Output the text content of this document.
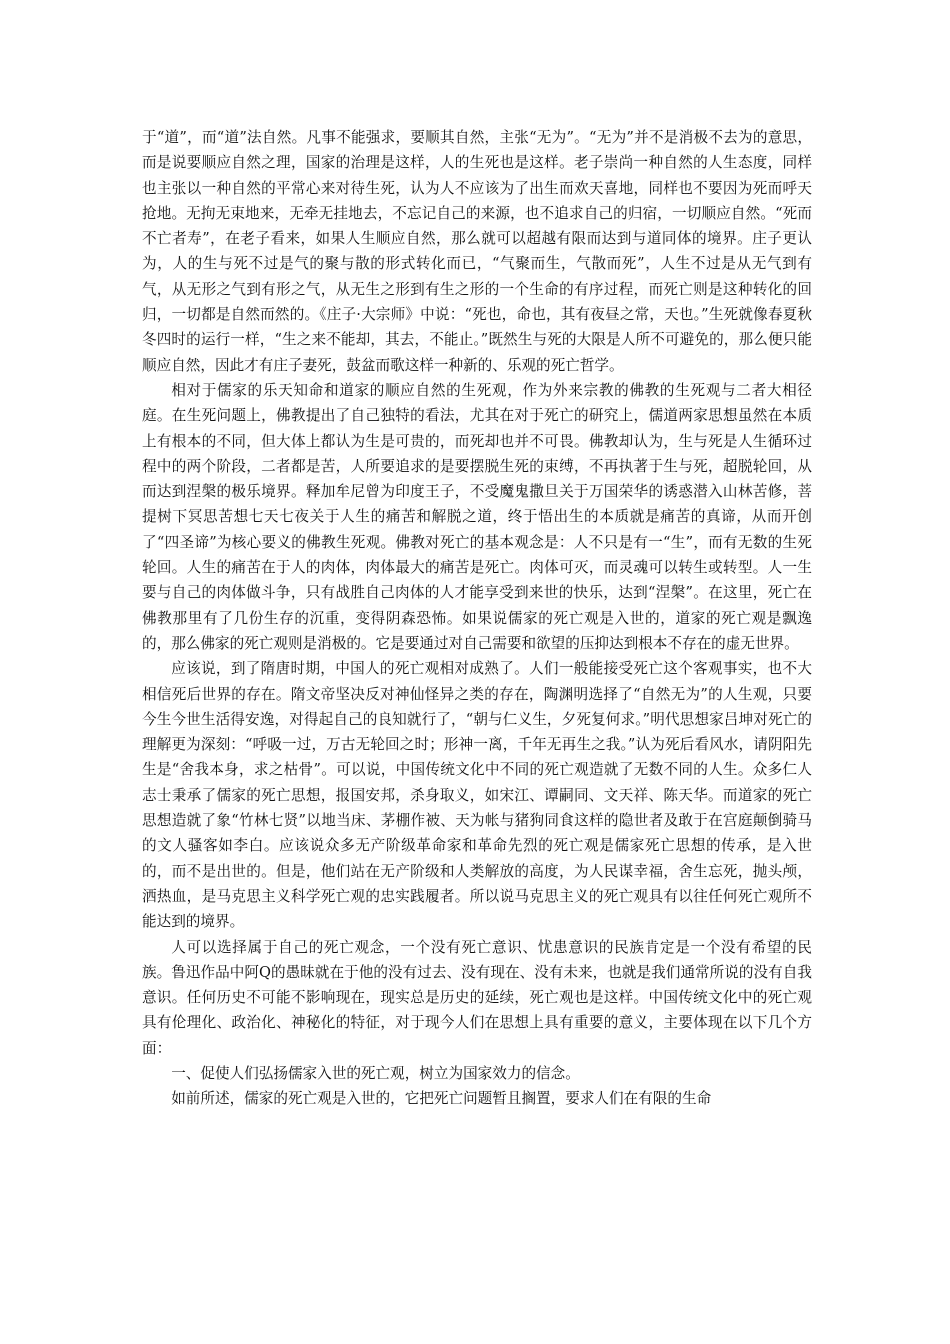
于“道”，而“道”法自然。凡事不能强求，要顺其自然，主张“无为”。“无为”并不是消极不去为的意思，而是说要顺应自然之理，国家的治理是这样，人的生死也是这样。老子崇尚一种自然的人生态度，同样也主张以一种自然的平常心来对待生死，认为人不应该为了出生而欢天喜地，同样也不要因为死而呼天抢地。无拘无束地来，无牵无挂地去，不忘记自己的来源，也不追求自己的归宿，一切顺应自然。“死而不亡者寿”，在老子看来，如果人生顺应自然，那么就可以超越有限而达到与道同体的境界。庄子更认为，人的生与死不过是气的聚与散的形式转化而已，“气聚而生，气散而死”，人生不过是从无气到有气，从无形之气到有形之气，从无生之形到有生之形的一个生命的有序过程，而死亡则是这种转化的回归，一切都是自然而然的。《庄子·大宗师》中说：“死也，命也，其有夜昼之常，天也。”生死就像春夏秋冬四时的运行一样，“生之来不能却，其去，不能止。”既然生与死的大限是人所不可避免的，那么便只能顺应自然，因此才有庄子妻死，鼓盆而歌这样一种新的、乐观的死亡哲学。

相对于儒家的乐天知命和道家的顺应自然的生死观，作为外来宗教的佛教的生死观与二者大相径庭。在生死问题上，佛教提出了自己独特的看法，尤其在对于死亡的研究上，儒道两家思想虽然在本质上有根本的不同，但大体上都认为生是可贵的，而死却也并不可畏。佛教却认为，生与死是人生循环过程中的两个阶段，二者都是苦，人所要追求的是要摆脱生死的束缚，不再执著于生与死，超脱轮回，从而达到涅槃的极乐境界。释加牟尼曾为印度王子，不受魔鬼撒旦关于万国荣华的诱惑潜入山林苦修，菩提树下冥思苦想七天七夜关于人生的痛苦和解脱之道，终于悟出生的本质就是痛苦的真谛，从而开创了“四圣谛”为核心要义的佛教生死观。佛教对死亡的基本观念是：人不只是有一“生”，而有无数的生死轮回。人生的痛苦在于人的肉体，肉体最大的痛苦是死亡。肉体可灭，而灵魂可以转生或转型。人一生要与自己的肉体做斗争，只有战胜自己肉体的人才能享受到来世的快乐，达到“涅槃”。在这里，死亡在佛教那里有了几份生存的沉重，变得阴森恐怖。如果说儒家的死亡观是入世的，道家的死亡观是飘逸的，那么佛家的死亡观则是消极的。它是要通过对自己需要和欲望的压抑达到根本不存在的虚无世界。

应该说，到了隋唐时期，中国人的死亡观相对成熟了。人们一般能接受死亡这个客观事实，也不大相信死后世界的存在。隋文帝坚决反对神仙怪异之类的存在，陶渊明选择了“自然无为”的人生观，只要今生今世生活得安逸，对得起自己的良知就行了，“朝与仁义生，夕死复何求。”明代思想家吕坤对死亡的理解更为深刻：“呼吸一过，万古无轮回之时；形神一离，千年无再生之我。”认为死后看风水，请阴阳先生是“舍我本身，求之枯骨”。可以说，中国传统文化中不同的死亡观造就了无数不同的人生。众多仁人志士秉承了儒家的死亡思想，报国安邦，杀身取义，如宋江、谭嗣同、文天祥、陈天华。而道家的死亡思想造就了象“竹林七贤”以地当床、茅棚作被、天为帐与猪狗同食这样的隐世者及敢于在宫庭颠倒骑马的文人骚客如李白。应该说众多无产阶级革命家和革命先烈的死亡观是儒家死亡思想的传承，是入世的，而不是出世的。但是，他们站在无产阶级和人类解放的高度，为人民谋幸福，舍生忘死，抛头颅，洒热血，是马克思主义科学死亡观的忠实践履者。所以说马克思主义的死亡观具有以往任何死亡观所不能达到的境界。

人可以选择属于自己的死亡观念，一个没有死亡意识、忧患意识的民族肯定是一个没有希望的民族。鲁迅作品中阿Q的愚昧就在于他的没有过去、没有现在、没有未来，也就是我们通常所说的没有自我意识。任何历史不可能不影响现在，现实总是历史的延续，死亡观也是这样。中国传统文化中的死亡观具有伦理化、政治化、神秘化的特征，对于现今人们在思想上具有重要的意义，主要体现在以下几个方面：

一、促使人们弘扬儒家入世的死亡观，树立为国家效力的信念。

如前所述，儒家的死亡观是入世的，它把死亡问题暂且搁置，要求人们在有限的生命
